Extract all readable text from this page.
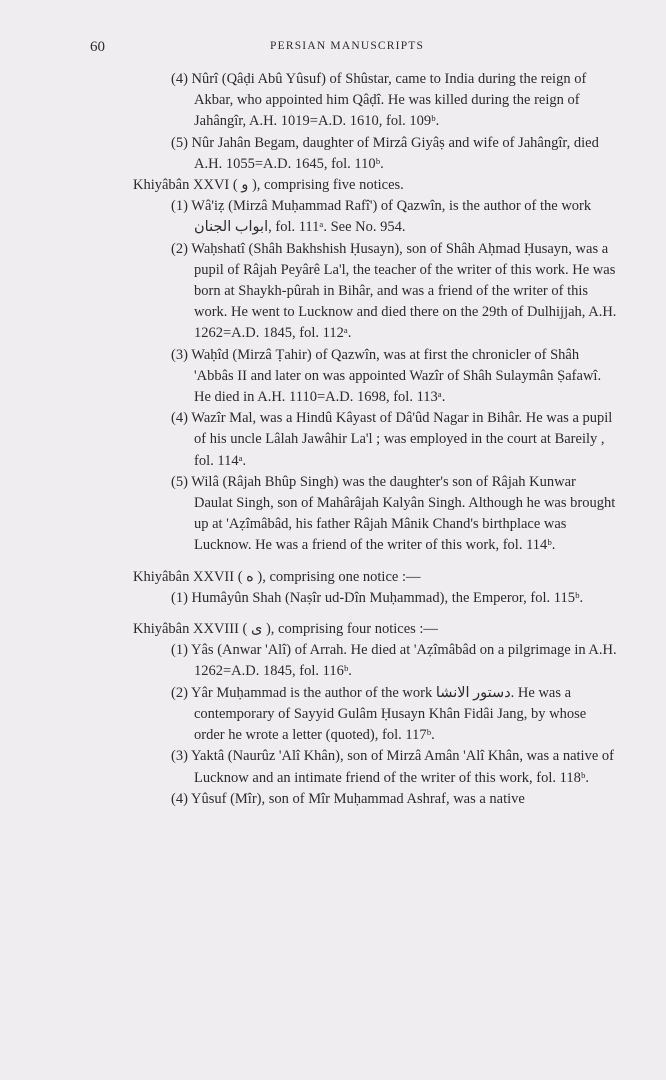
60	PERSIAN MANUSCRIPTS
(4) Nûrî (Qâḍi Abû Yûsuf) of Shûstar, came to India during the reign of Akbar, who appointed him Qâḍî. He was killed during the reign of Jahângîr, A.H. 1019=A.D. 1610, fol. 109ᵇ.
(5) Nûr Jahân Begam, daughter of Mirzâ Giyâṣ and wife of Jahângîr, died A.H. 1055=A.D. 1645, fol. 110ᵇ.
Khiyâbân XXVI ( و ), comprising five notices.
(1) Wâ'iẓ (Mirzâ Muḥammad Rafî') of Qazwîn, is the author of the work ابواب الجنان, fol. 111ᵃ. See No. 954.
(2) Waḥshatî (Shâh Bakhshish Ḥusayn), son of Shâh Aḥmad Ḥusayn, was a pupil of Râjah Peyârê La'l, the teacher of the writer of this work. He was born at Shaykh-pûrah in Bihâr, and was a friend of the writer of this work. He went to Lucknow and died there on the 29th of Dulhijjah, A.H. 1262=A.D. 1845, fol. 112ᵃ.
(3) Waḥîd (Mirzâ Ṭahir) of Qazwîn, was at first the chronicler of Shâh 'Abbâs II and later on was appointed Wazîr of Shâh Sulaymân Ṣafawî. He died in A.H. 1110=A.D. 1698, fol. 113ᵃ.
(4) Wazîr Mal, was a Hindû Kâyast of Dâ'ûd Nagar in Bihâr. He was a pupil of his uncle Lâlah Jawâhir La'l ; was employed in the court at Bareily , fol. 114ᵃ.
(5) Wilâ (Râjah Bhûp Singh) was the daughter's son of Râjah Kunwar Daulat Singh, son of Mahârâjah Kalyân Singh. Although he was brought up at 'Aẓîmâbâd, his father Râjah Mânik Chand's birthplace was Lucknow. He was a friend of the writer of this work, fol. 114ᵇ.
Khiyâbân XXVII ( ه ), comprising one notice :—
(1) Humâyûn Shah (Naṣîr ud-Dîn Muḥammad), the Emperor, fol. 115ᵇ.
Khiyâbân XXVIII ( ی ), comprising four notices :—
(1) Yâs (Anwar 'Alî) of Arrah. He died at 'Aẓîmâbâd on a pilgrimage in A.H. 1262=A.D. 1845, fol. 116ᵇ.
(2) Yâr Muḥammad is the author of the work دستور الانشا. He was a contemporary of Sayyid Gulâm Ḥusayn Khân Fidâi Jang, by whose order he wrote a letter (quoted), fol. 117ᵇ.
(3) Yaktâ (Naurûz 'Alî Khân), son of Mirzâ Amân 'Alî Khân, was a native of Lucknow and an intimate friend of the writer of this work, fol. 118ᵇ.
(4) Yûsuf (Mîr), son of Mîr Muḥammad Ashraf, was a native
